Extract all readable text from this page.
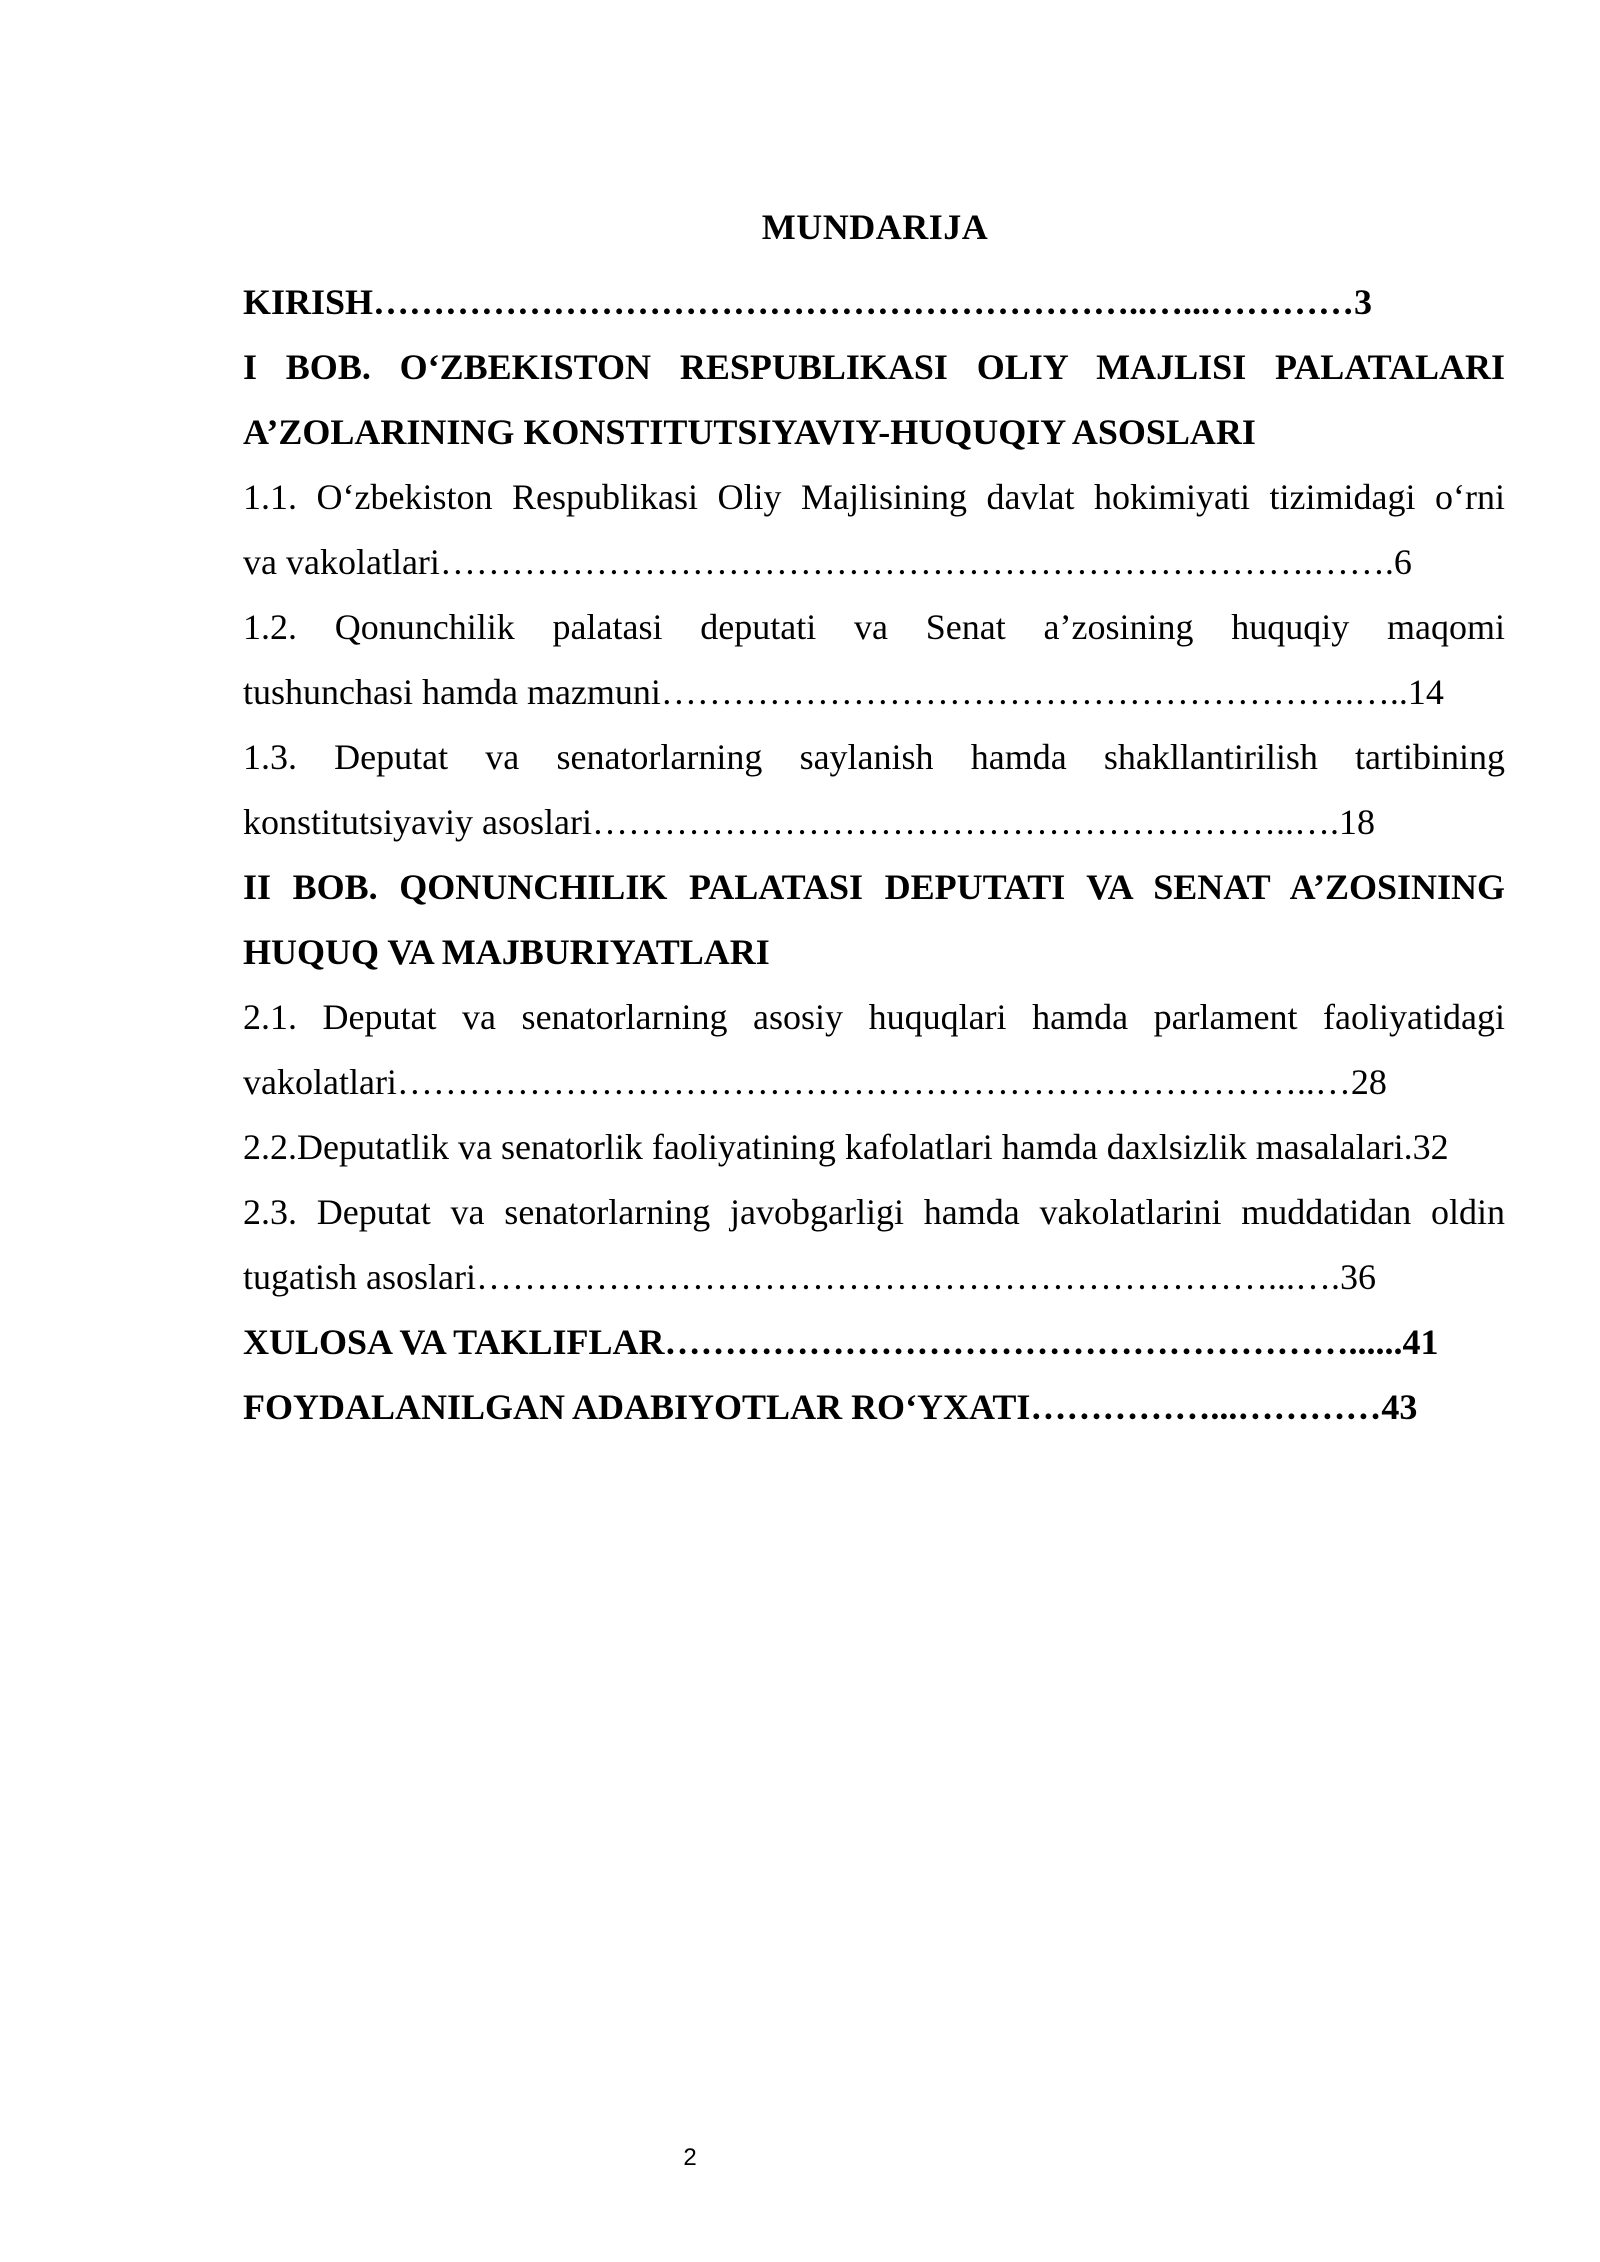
MUNDARIJA
KIRISH………………………………………………………..…...…………3
I BOB. O‘ZBEKISTON RESPUBLIKASI OLIY MAJLISI PALATALARI
A’ZOLARINING KONSTITUTSIYAVIY-HUQUQIY ASOSLARI
1.1. O‘zbekiston Respublikasi Oliy Majlisining davlat hokimiyati tizimidagi o‘rni
va vakolatlari……………………………………………………………….…….6
1.2. Qonunchilik palatasi deputati va Senat a’zosining huquqiy maqomi
tushunchasi hamda mazmuni………………………………………………….…..14
1.3. Deputat va senatorlarning saylanish hamda shakllantirilish tartibining
konstitutsiyaviy asoslari…………………………………………………..….18
II BOB. QONUNCHILIK PALATASI DEPUTATI VA SENAT A’ZOSINING
HUQUQ VA MAJBURIYATLARI
2.1. Deputat va senatorlarning asosiy huquqlari hamda parlament faoliyatidagi
vakolatlari…………………………………………………………………..…28
2.2.Deputatlik va senatorlik faoliyatining kafolatlari hamda daxlsizlik masalalari.32
2.3. Deputat va senatorlarning javobgarligi hamda vakolatlarini muddatidan oldin
tugatish asoslari…………………………………………………………...….36
XULOSA VA TAKLIFLAR…………………………………………………......41
FOYDALANILGAN ADABIYOTLAR RO‘YXATI……………...…………43
2
